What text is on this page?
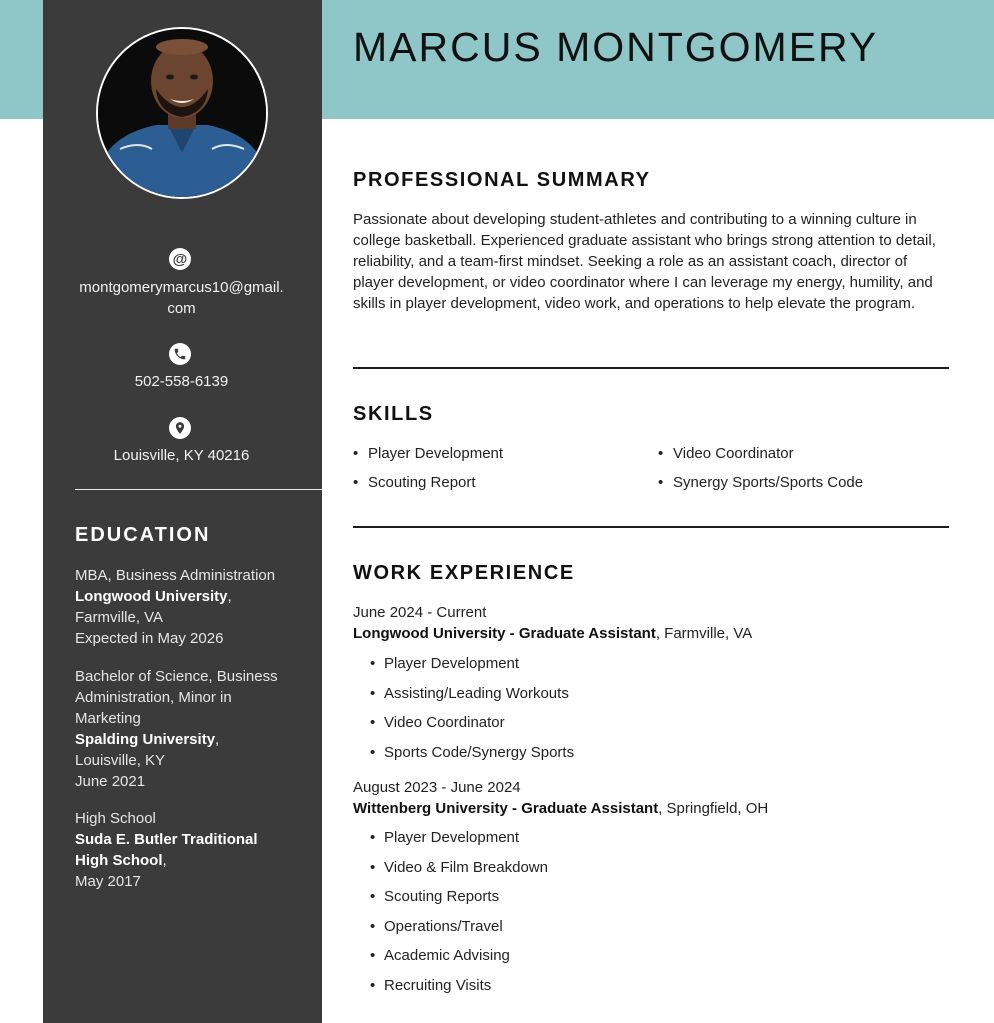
@
montgomerymarcus10@gmail.
com
502-558-6139
Louisville, KY 40216
EDUCATION
MBA, Business Administration
Longwood University,
Farmville, VA
Expected in May 2026
Bachelor of Science, Business Administration, Minor in Marketing
Spalding University,
Louisville, KY
June 2021
High School
Suda E. Butler Traditional High School,
May 2017
MARCUS MONTGOMERY
PROFESSIONAL SUMMARY
Passionate about developing student-athletes and contributing to a winning culture in college basketball. Experienced graduate assistant who brings strong attention to detail, reliability, and a team-first mindset. Seeking a role as an assistant coach, director of player development, or video coordinator where I can leverage my energy, humility, and skills in player development, video work, and operations to help elevate the program.
SKILLS
• Player Development
• Scouting Report
• Video Coordinator
• Synergy Sports/Sports Code
WORK EXPERIENCE
June 2024 - Current
Longwood University - Graduate Assistant, Farmville, VA
• Player Development
• Assisting/Leading Workouts
• Video Coordinator
• Sports Code/Synergy Sports
August 2023 - June 2024
Wittenberg University - Graduate Assistant, Springfield, OH
• Player Development
• Video & Film Breakdown
• Scouting Reports
• Operations/Travel
• Academic Advising
• Recruiting Visits
